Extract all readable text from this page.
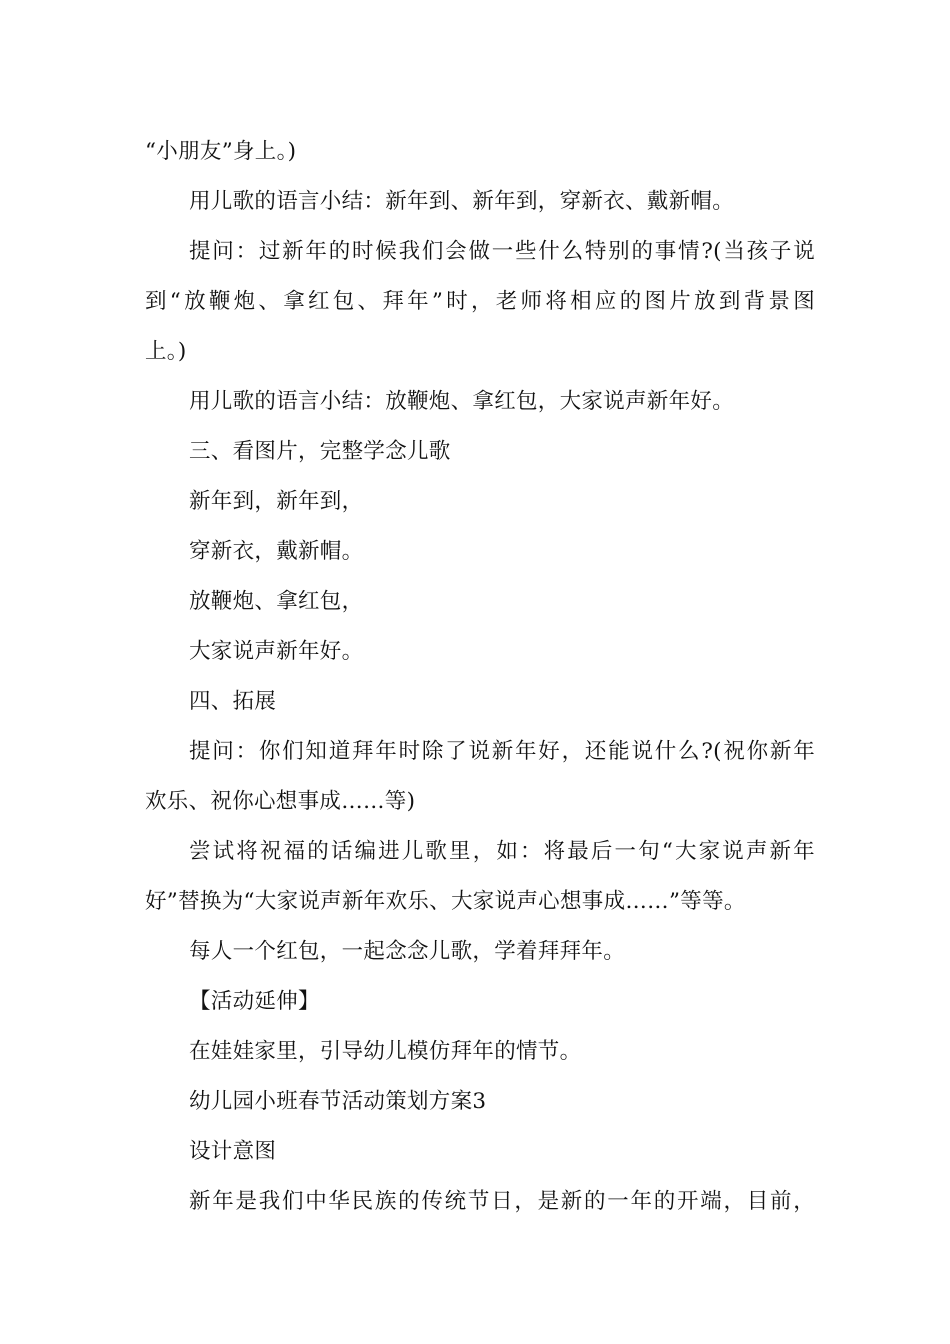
“小朋友”身上。)
用儿歌的语言小结：新年到、新年到，穿新衣、戴新帽。
提问：过新年的时候我们会做一些什么特别的事情?(当孩子说
到“放鞭炮、拿红包、拜年”时，老师将相应的图片放到背景图
上。)
用儿歌的语言小结：放鞭炮、拿红包，大家说声新年好。
三、看图片，完整学念儿歌
新年到，新年到，
穿新衣，戴新帽。
放鞭炮、拿红包，
大家说声新年好。
四、拓展
提问：你们知道拜年时除了说新年好，还能说什么?(祝你新年
欢乐、祝你心想事成……等)
尝试将祝福的话编进儿歌里，如：将最后一句“大家说声新年
好”替换为“大家说声新年欢乐、大家说声心想事成……”等等。
每人一个红包，一起念念儿歌，学着拜拜年。
【活动延伸】
在娃娃家里，引导幼儿模仿拜年的情节。
幼儿园小班春节活动策划方案3
设计意图
新年是我们中华民族的传统节日，是新的一年的开端，目前，
